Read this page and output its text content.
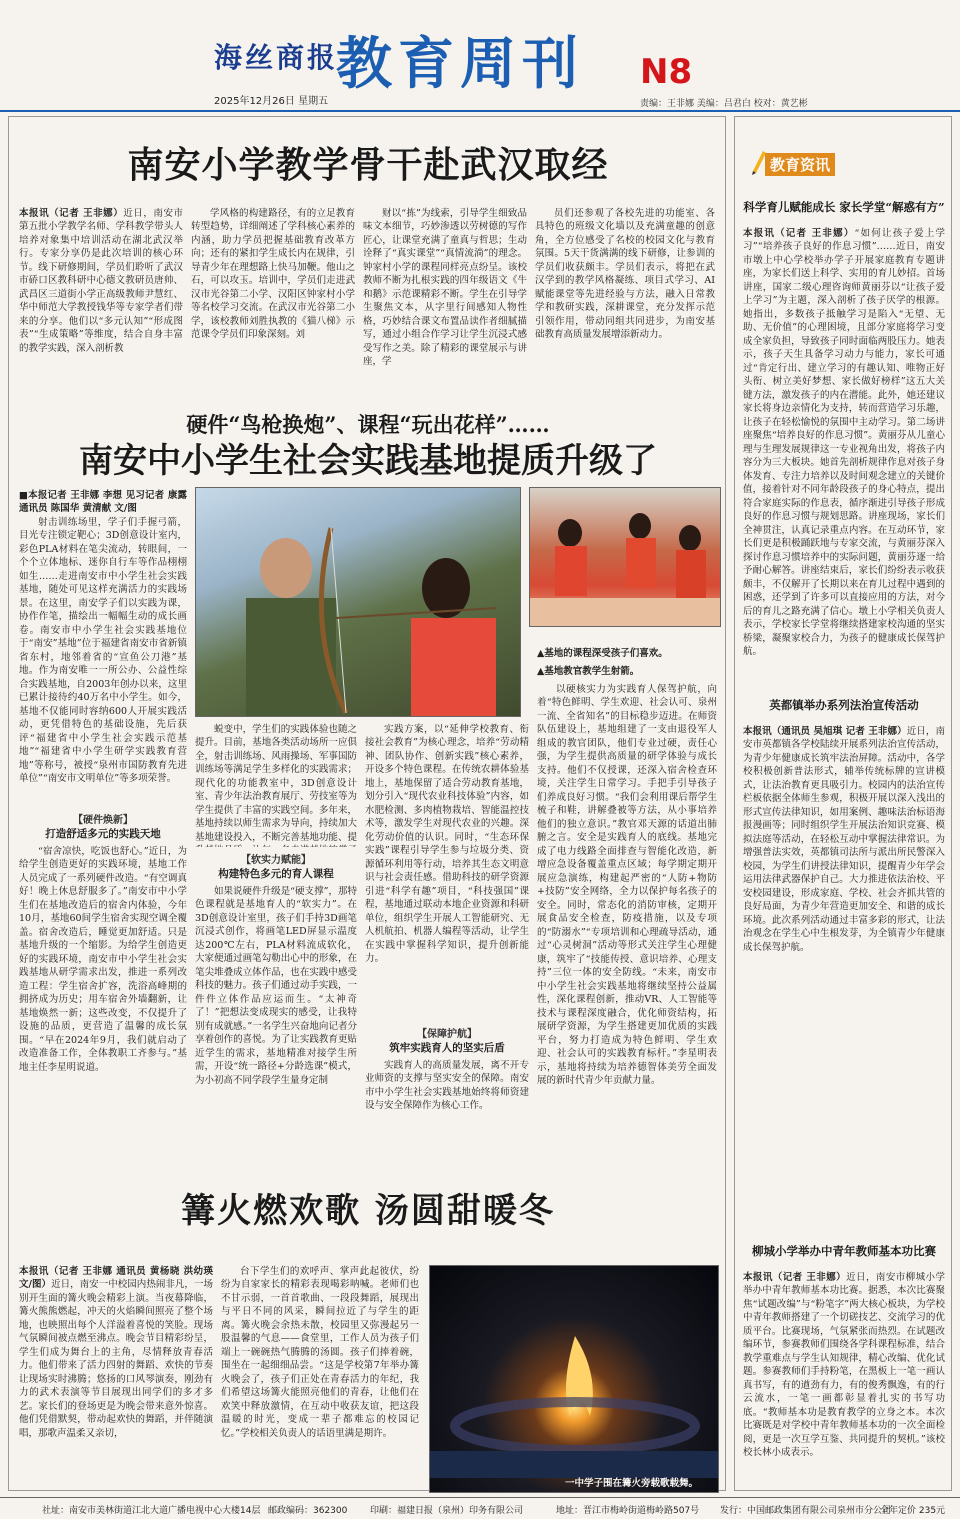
海丝商报
2025年12月26日 星期五
教育周刊 N8
责编：王非娜 美编：吕君白 校对：黄艺彬
南安小学教学骨干赴武汉取经
本报讯（记者 王非娜）近日，南安市第五批小学教学名师、学科教学带头人培养对象集中培训活动在湖北武汉举行。专家分享仍是此次培训的核心环节。线下研修期间，学员们聆听了武汉市硚口区教科研中心德文教研员唐帅、武昌区三道街小学正高级教师尹慧红、华中师范大学教授钱华等专家学者们带来的分享。他们以“多元认知”“形成图表”“生成策略”等维度，结合自身丰富的教学实践，深入剖析教

学风格的构建路径，有的立足教育转型趋势，详细阐述了学科核心素养的内涵，助力学员把握基础教育改革方向；还有的紧扣学生成长内在规律，引导青少年在理想路上快马加鞭。他山之石，可以攻玉。培训中，学员们走进武汉市光谷第二小学、汉阳区钟家村小学等名校学习交流。在武汉市光谷第二小学，该校教师刘胜执教的《猫八梯》示范课令学员们印象深刻。刘

财以“拣”为线索，引导学生细致品味文本细节，巧妙渗透以劳树德的写作匠心，让课堂充满了童真与哲思；生动诠释了“真实课堂”“真情流淌”的理念。钟家村小学的课程同样亮点纷呈。该校教师不断为扎根实践的四年级语文《牛和鹅》示范课精彩不断。学生在引导学生聚焦文本，从字里行间感知人物性格，巧妙结合课文布置品读作者细腻描写，通过小组合作学习让学生沉浸式感受写作之美。除了精彩的课堂展示与讲座，学

员们还参观了各校先进的功能室、各具特色的班级文化墙以及充满童趣的创意角，全方位感受了名校的校园文化与教育氛围。5天干货满满的线下研修，让参训的学员们收获颇丰。学员们表示，将把在武汉学到的教学风格凝练、项目式学习、AI赋能课堂等先进经验与方法，融入日常教学和教研实践，深耕课堂，充分发挥示范引领作用，带动同组共同进步，为南安基础教育高质量发展增添新动力。

硬件“鸟枪换炮”、课程“玩出花样”……
南安中小学生社会实践基地提质升级了
■本报记者 王非娜 李想 见习记者 康露 通讯员 陈国华 黄清献 文/图

射击训练场里，学子们手握弓箭，目光专注锁定靶心；3D创意设计室内，彩色PLA材料在笔尖流动，转眼间，一个个立体地标、迷你自行车等作品栩栩如生……走进南安市中小学生社会实践基地，随处可见这样充满活力的实践场景。在这里，南安学子们以实践为课，协作作笔，描绘出一幅幅生动的成长画卷。南安市中小学生社会实践基地位于“南安”基地”位于福建省南安市省新镇省东村，地邻着省的“宣鱼公刀港”基地。作为南安唯一一所公办、公益性综合实践基地，自2003年创办以来，这里已累计接待约40万名中小学生。如今，基地不仅能同时容纳600人开展实践活动，更凭借特色的基础设施，先后获评“福建省中小学生社会实践示范基地”“福建省中小学生研学实践教育营地”等称号，被授“泉州市国防教育先进单位”“南安市文明单位”等多项荣誉。

【硬件焕新】
打造舒适多元的实践天地

“宿舍凉快，吃饭也舒心。”近日，为给学生创造更好的实践环境，基地工作人员完成了一系列硬件改造。“有空调真好！晚上休息舒服多了。”南安市中小学生们在基地改造后的宿舍内体验，今年10月，基地60间学生宿舍实现空调全覆盖。宿舍改造后，睡觉更加舒适。只是基地升级的一个缩影。为给学生创造更好的实践环境，南安市中小学生社会实践基地从研学需求出发，推进一系列改造工程：学生宿舍扩容，洗浴高峰期的拥挤成为历史；用车宿舍外墙翻新，让基地焕然一新；这些改变，不仅提升了设施的品质，更营造了温馨的成长氛围。“早在2024年9月，我们就启动了改造准备工作，全体教职工齐参与。”基地主任李星明说道。

▲基地的课程深受孩子们喜欢。
▲基地教官教学生射箭。

蜕变中，学生们的实践体验也随之提升。目前，基地各类活动场所一应俱全，射击训练场、风雨操场、军事国防训练场等满足学生多样化的实践需求；现代化的功能教室中，3D创意设计室、青少年法治教育展厅、劳技室等为学生提供了丰富的实践空间。多年来，基地持续以师生需求为导向，持续加大基地建设投入，不断完善基地功能、提

【软实力赋能】
构建特色多元的育人课程

如果说硬件升级是“硬支撑”，那特色课程就是基地育人的“软实力”。在3D创意设计室里，孩子们手持3D画笔沉浸式创作，将画笔LED屏显示温度达200℃左右，PLA材料流成软化，大家便通过画笔勾勒出心中的形象，在笔尖堆叠成立体作品，也在实践中感受科技的魅力。孩子们通过动手实践，一件件立体作品应运而生。“太神奇了！”把想法变成现实的感受，让我特别有成就感。”一名学生兴奋地向记者分享着创作的喜悦。为了让实践教育更贴近学生的需求，基地精准对接学生所需，开设“统一路径+分龄选课”模式，为小初高不同学段学生量身定制

实践方案，以“延伸学校教育、衔接社会教育”为核心理念，培养“劳动精神、团队协作、创新实践”核心素养，开设多个特色课程。在传统农耕体验基地上，基地保留了适合劳动教育基地，划分引入“现代农业科技体验”内容，如水肥检测、多肉植物栽培、智能温控技术等，激发学生对现代农业的兴趣。深化劳动价值的认识。同时，“生态环保实践”课程引导学生参与垃圾分类、资源循环利用等行动，培养其生态文明意识与社会责任感。借助科技的研学资源引进“科学有趣”项目，“科技强国”课程，基地通过联动本地企业资源和科研单位，组织学生开展人工智能研究、无人机航拍、机器人编程等活动，让学生在实践中掌握科学知识，提升创新能力。

【保障护航】
筑牢实践育人的坚实后盾

实践育人的高质量发展，离不开专业师资的支撑与坚实安全的保障。南安市中小学生社会实践基地始终将师资建设与安全保障作为核心工作。

以硬核实力为实践育人保驾护航，向着“特色鲜明、学生欢迎、社会认可、泉州一流、全省知名”的目标稳步迈进。在师资队伍建设上，基地组建了一支由退役军人组成的教官团队，他们专业过硬，责任心强，为学生提供高质量的研学体验与成长支持。他们不仅授课，还深入宿舍检查环境，关注学生日常学习。手把手引导孩子们养成良好习惯。“我们会利用课后帮学生梳子和鞋，讲解叠被等方法，从小事培养他们的独立意识。”教官邓天源的话道出肺腑之言。安全是实践育人的底线。基地完成了电力线路全面排查与智能化改造，新增应急设备覆盖重点区域；每学期定期开展应急演练，构建起严密的“人防+物防+技防”安全网络，全力以保护每名孩子的安全。同时，常态化的消防审核，定期开展食品安全检查，防疫措施，以及专项的“防溺水”“专项培训和心理疏导活动，通过“心灵树洞”活动等形式关注学生心理健康，筑牢了“技能传授、意识培养、心理支持”三位一体的安全防线。“未来，南安市中小学生社会实践基地将继续坚持公益属性，深化课程创新，推动VR、人工智能等技术与课程深度融合，优化师资结构，拓展研学资源，为学生搭建更加优质的实践平台，努力打造成为特色鲜明、学生欢迎、社会认可的实践教育标杆。”李星明表示，基地将持续为培养德智体美劳全面发展的新时代青少年贡献力量。

篝火燃欢歌 汤圆甜暖冬
本报讯（记者 王非娜 通讯员 黄杨晓 洪幼瑛 文/图）近日，南安一中校园内热闹非凡，一场别开生面的篝火晚会精彩上演。当夜幕降临，篝火熊熊燃起，冲天的火焰瞬间照亮了整个场地，也映照出每个人洋溢着喜悦的笑脸。现场气氛瞬间被点燃至沸点。晚会节目精彩纷呈，学生们成为舞台上的主角，尽情释放青春活力。他们带来了活力四射的舞蹈、欢快的节奏让现场实时沸腾；悠扬的口风琴演奏，刚劲有力的武术表演等节目展现出同学们的多才多艺。家长们的登场更是为晚会带来意外惊喜。他们凭借默契，带动起欢快的舞蹈，并伴随演唱，那歌声温柔又亲切，

台下学生们的欢呼声、掌声此起彼伏，纷纷为自家家长的精彩表现喝彩呐喊。老师们也不甘示弱，一首首歌曲、一段段舞蹈，展现出与平日不同的风采，瞬间拉近了与学生的距离。篝火晚会余热未散，校园里又弥漫起另一股温馨的气息——食堂里，工作人员为孩子们端上一碗碗热气腾腾的汤圆。孩子们捧着碗，围坐在一起细细品尝。“这是学校第7年举办篝火晚会了，孩子们正处在青春活力的年纪，我们希望这场篝火能照亮他们的青春，让他们在欢笑中释放激情，在互动中收获友谊，把这段温暖的时光，变成一辈子都难忘的校园记忆。”学校相关负责人的话语里满是期许。

一中学子围在篝火旁载歌载舞。
教育资讯
科学育儿赋能成长 家长学堂“解惑有方”
本报讯（记者 王非娜）“如何让孩子爱上学习”“培养孩子良好的作息习惯”……近日，南安市墩上中心学校举办学子开展家庭教育专题讲座，为家长们送上科学、实用的育儿妙招。首场讲座，国家二级心理咨询师黄丽芬以“让孩子爱上学习”为主题，深入剖析了孩子厌学的根源。她指出，多数孩子抵触学习是陷入“无望、无助、无价值”的心理困境，且部分家庭将学习变成全家负担，导致孩子同时面临两股压力。她表示，孩子天生具备学习动力与能力，家长可通过“肯定行出、建立学习的有趣认知、唯物正好头衔、树立美好梦想、家长做好榜样”这五大关键方法，激发孩子的内在潜能。此外，她还建议家长将身边亲情化为支持，转而营造学习乐趣，让孩子在轻松愉悦的氛围中主动学习。第二场讲座聚焦“培养良好的作息习惯”。黄丽芬从儿童心理与生理发展规律这一专业视角出发，将孩子内容分为三大板块。她首先剖析规律作息对孩子身体发育、专注力培养以及时间观念建立的关键价值，接着针对不同年龄段孩子的身心特点，提出符合家庭实际的作息表，循序渐进引导孩子形成良好的作息习惯与规划思路。讲座现场，家长们全神贯注，认真记录重点内容。在互动环节，家长们更是积极踊跃地与专家交流，与黄丽芬深入探讨作息习惯培养中的实际问题，黄丽芬逐一给予耐心解答。讲座结束后，家长们纷纷表示收获颇丰，不仅解开了长期以来在育儿过程中遇到的困惑，还学到了许多可以直接应用的方法，对今后的育儿之路充满了信心。墩上小学相关负责人表示，学校家长学堂将继续搭建家校沟通的坚实桥梁，凝聚家校合力，为孩子的健康成长保驾护航。
英都镇举办系列法治宣传活动
本报讯（通讯员 吴旭琪 记者 王非娜）近日，南安市英都镇各学校陆续开展系列法治宣传活动，为青少年健康成长筑牢法治屏障。活动中，各学校积极创新普法形式，辅举传统标牌的宣讲模式，让法治教育更具吸引力。校园内的法治宣传栏板依据全体师生参观，积极开展以深入浅出的形式宣传法律知识，如用案例、趣味法治标语海报漫画等；同时组织学生开展法治知识竞赛、模拟法庭等活动，在轻松互动中掌握法律常识。为增强普法实效，英都镇司法所与派出所民警深入校园，为学生们讲授法律知识，提醒青少年学会运用法律武器保护自己。大力推进依法治校、平安校园建设，形成家庭、学校、社会齐抓共管的良好局面，为青少年营造更加安全、和谐的成长环境。此次系列活动通过丰富多彩的形式，让法治观念在学生心中生根发芽，为全镇青少年健康成长保驾护航。
柳城小学举办中青年教师基本功比赛
本报讯（记者 王非娜）近日，南安市柳城小学举办中青年教师基本功比赛。据悉，本次比赛聚焦“试题改编”与“粉笔字”两大核心板块，为学校中青年教师搭建了一个切磋技艺、交流学习的优质平台。比赛现场，气氛紧张而热烈。在试题改编环节，参赛教师们围绕各学科课程标准，结合教学重难点与学生认知规律，精心改编、优化试题。参赛教师们手持粉笔，在黑板上一笔一画认真书写，有的遒劲有力，有的俊秀飘逸，有的行云流水，一笔一画都彰显着扎实的书写功底。“教师基本功是教育教学的立身之本。本次比赛既是对学校中青年教师基本功的一次全面检阅，更是一次互学互鉴、共同提升的契机。”该校校长林小成表示。
社址：南安市美林街道江北大道广播电视中心大楼14层 邮政编码：362300	印刷：福建日报（泉州）印务有限公司	地址：晋江市梅岭街道梅岭路507号 发行：中国邮政集团有限公司泉州市分公司
全年定价 235元
